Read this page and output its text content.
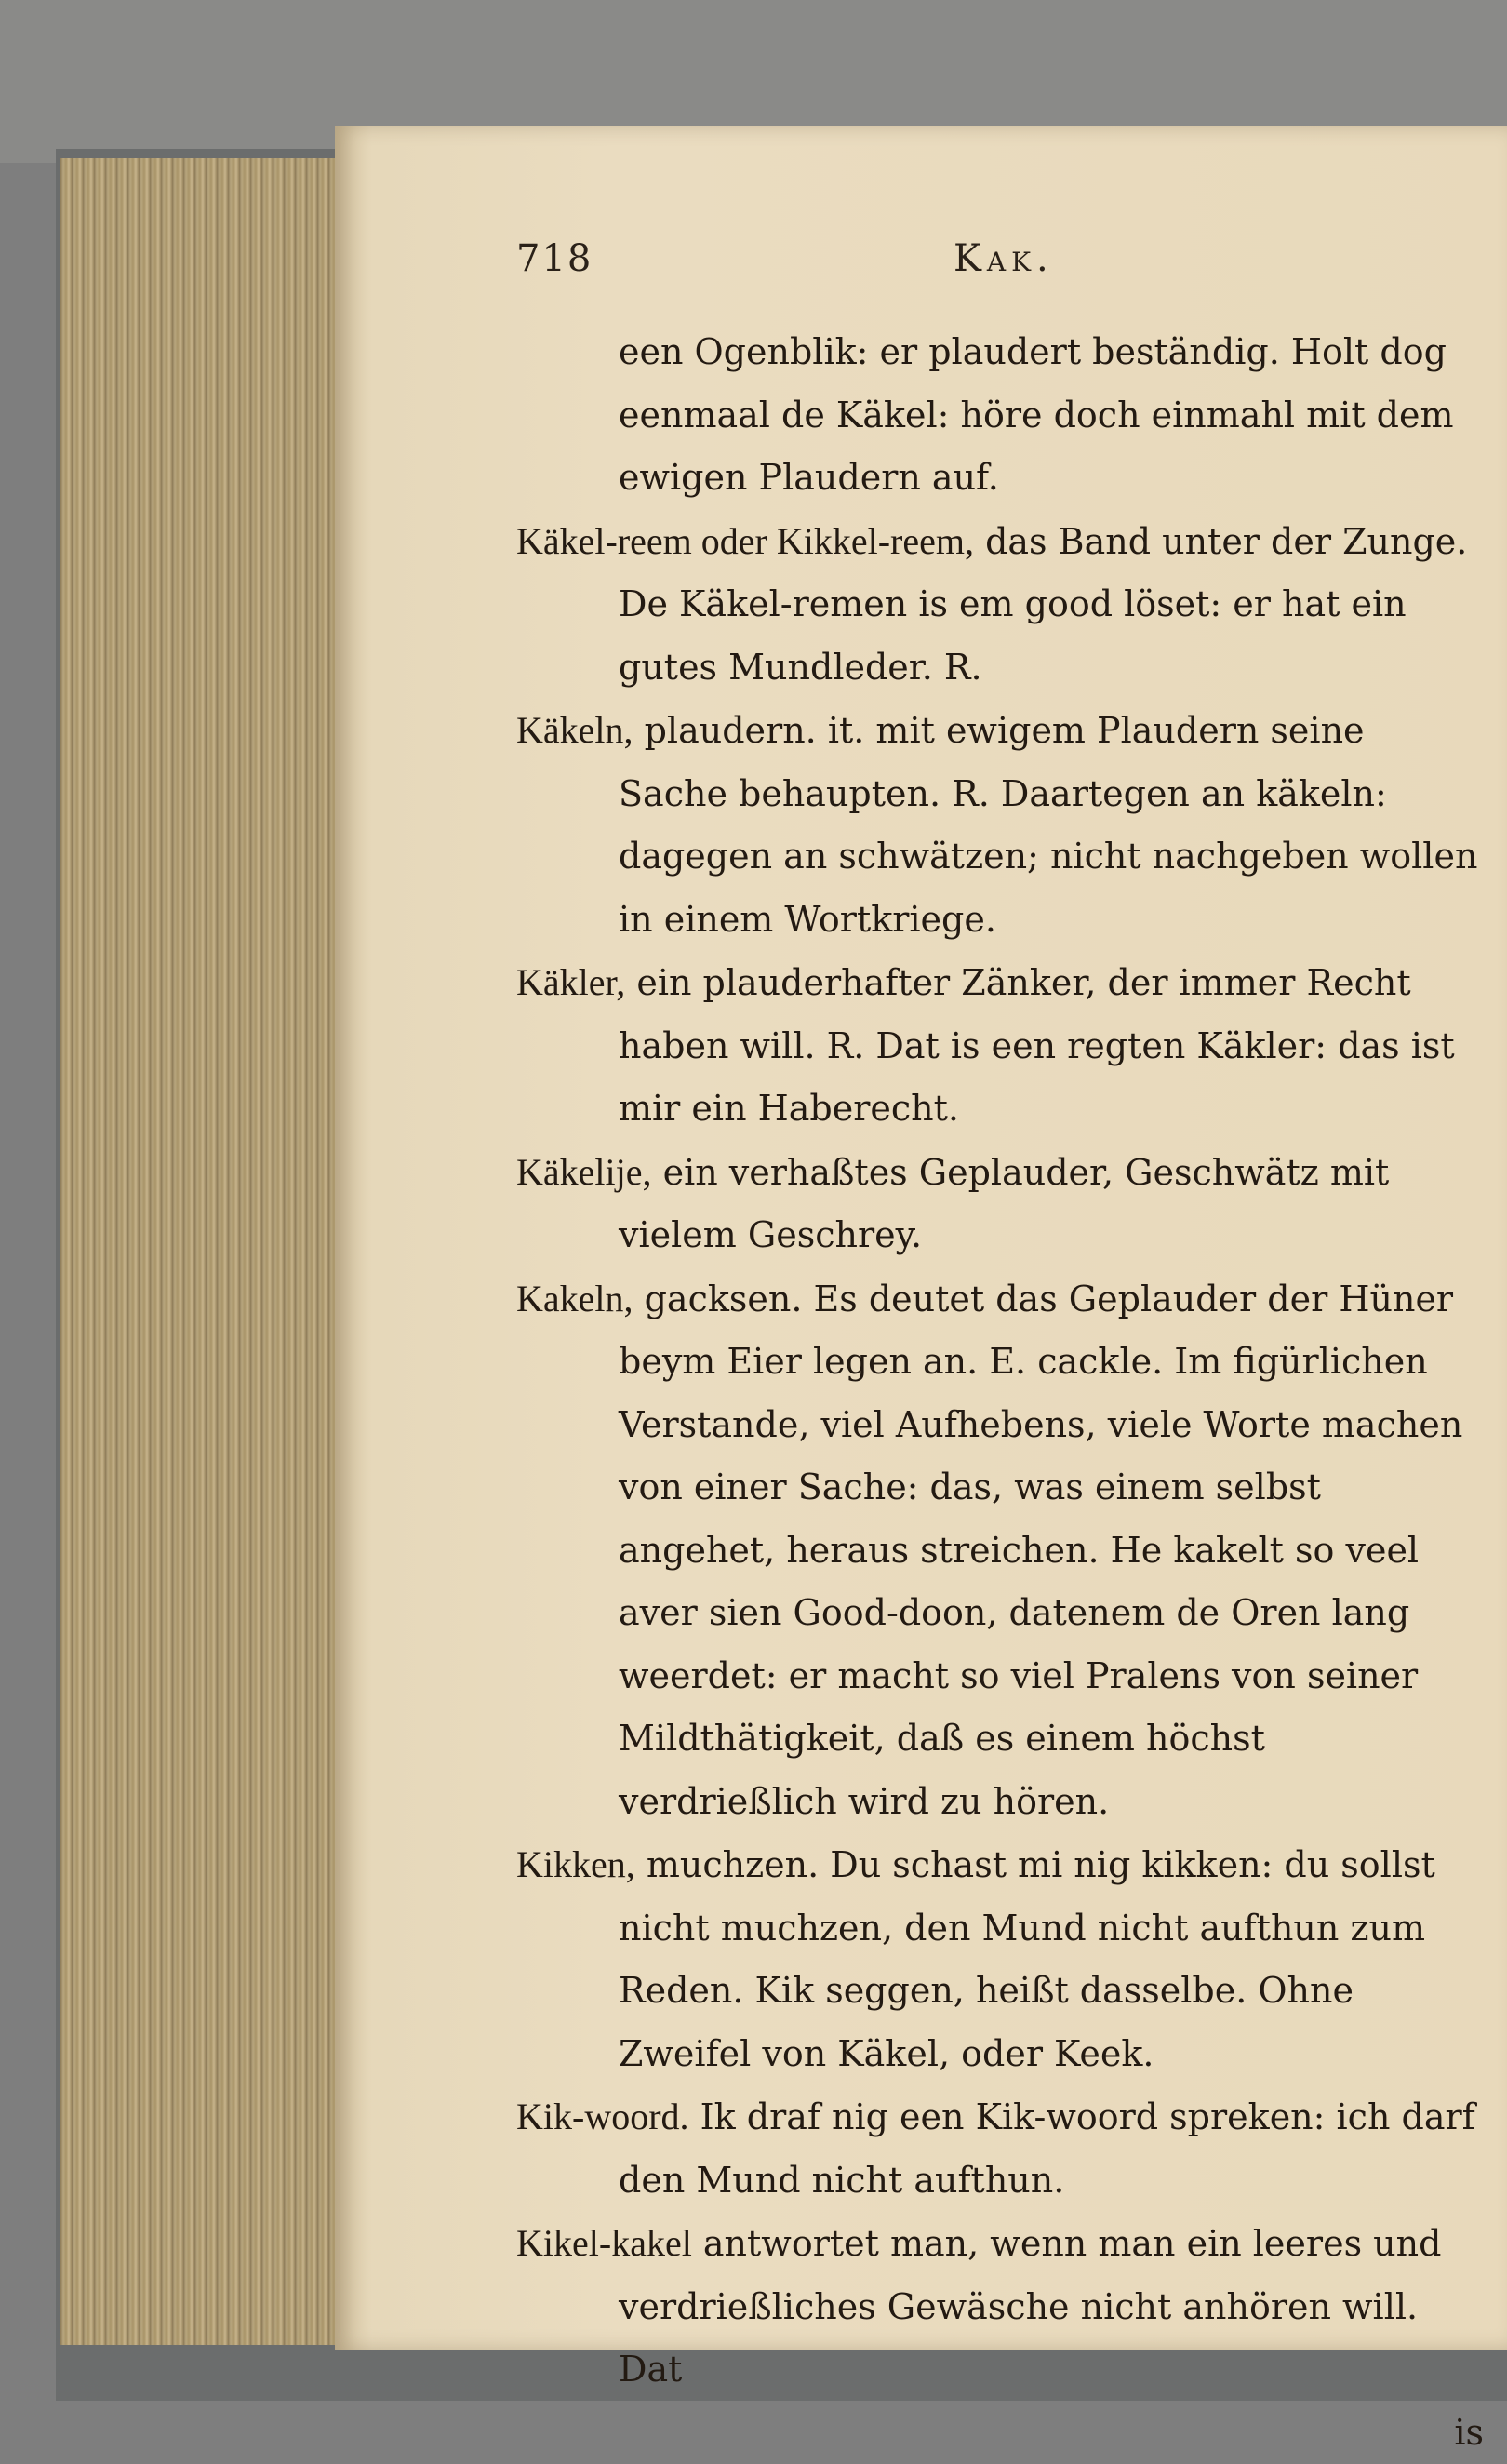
718	Kak.

een Ogenblik: er plaudert beständig. Holt dog eenmaal de Käkel: höre doch einmahl mit dem ewigen Plaudern auf.

Käkel-reem oder Kikkel-reem, das Band unter der Zunge. De Käkel-remen is em good löset: er hat ein gutes Mundleder. R.

Käkeln, plaudern. it. mit ewigem Plaudern seine Sache behaupten. R. Daartegen an käkeln: dagegen an schwätzen; nicht nachgeben wollen in einem Wortkriege.

Käkler, ein plauderhafter Zänker, der immer Recht haben will. R. Dat is een regten Käkler: das ist mir ein Haberecht.

Käkelije, ein verhaßtes Geplauder, Geschwätz mit vielem Geschrey.

Kakeln, gacksen. Es deutet das Geplauder der Hüner beym Eier legen an. E. cackle. Im figürlichen Verstande, viel Aufhebens, viele Worte machen von einer Sache: das, was einem selbst angehet, heraus streichen. He kakelt so veel aver sien Good-doon, datenem de Oren lang weerdet: er macht so viel Pralens von seiner Mildthätigkeit, daß es einem höchst verdrießlich wird zu hören.

Kikken, muchzen. Du schast mi nig kikken: du sollst nicht muchzen, den Mund nicht aufthun zum Reden. Kik seggen, heißt dasselbe. Ohne Zweifel von Käkel, oder Keek.

Kik-woord. Ik draf nig een Kik-woord spreken: ich darf den Mund nicht aufthun.

Kikel-kakel antwortet man, wenn man ein leeres und verdrießliches Gewäsche nicht anhören will. Dat

is
